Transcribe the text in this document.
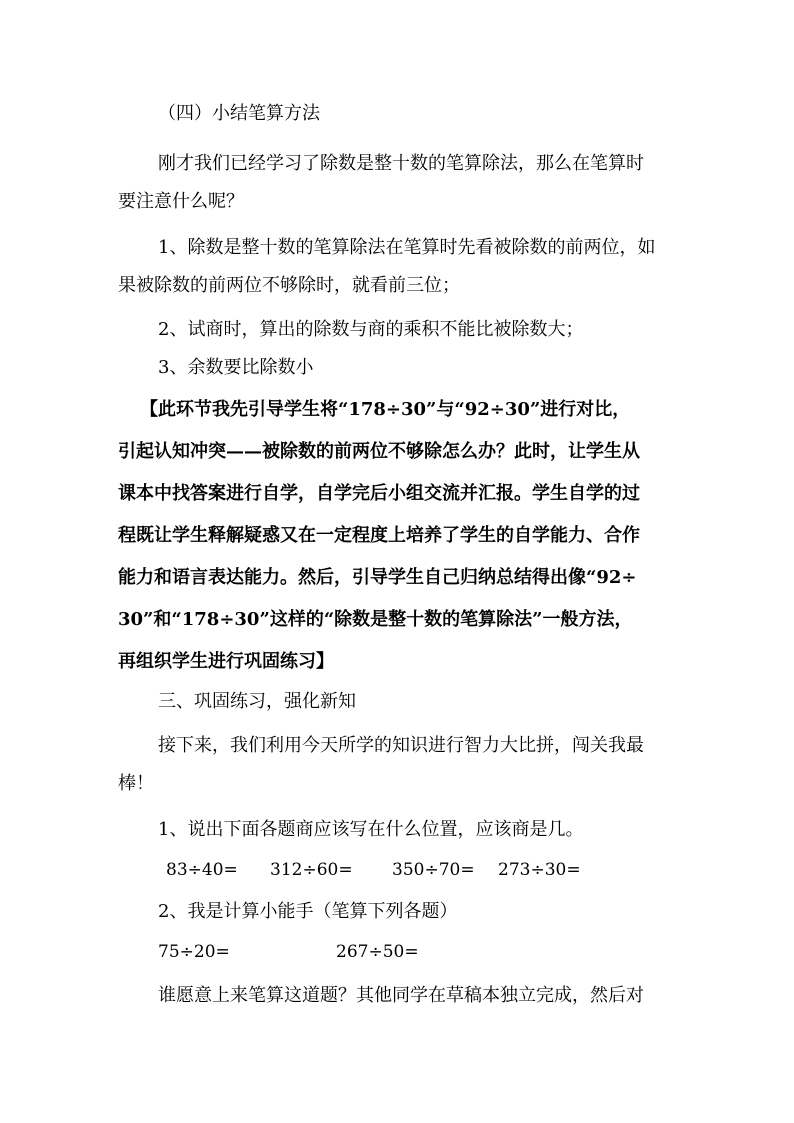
（四）小结笔算方法
刚才我们已经学习了除数是整十数的笔算除法，那么在笔算时
要注意什么呢？
1、除数是整十数的笔算除法在笔算时先看被除数的前两位，如
果被除数的前两位不够除时，就看前三位；
2、试商时，算出的除数与商的乘积不能比被除数大；
3、余数要比除数小
【此环节我先引导学生将“178÷30”与“92÷30”进行对比，
引起认知冲突——被除数的前两位不够除怎么办？此时，让学生从
课本中找答案进行自学，自学完后小组交流并汇报。学生自学的过
程既让学生释解疑惑又在一定程度上培养了学生的自学能力、合作
能力和语言表达能力。然后，引导学生自己归纳总结得出像“92÷
30”和“178÷30”这样的“除数是整十数的笔算除法”一般方法，
再组织学生进行巩固练习】
三、巩固练习，强化新知
接下来，我们利用今天所学的知识进行智力大比拼，闯关我最
棒！
1、说出下面各题商应该写在什么位置，应该商是几。
83÷40= 312÷60= 350÷70= 273÷30=
2、我是计算小能手（笔算下列各题）
75÷20=	267÷50=
谁愿意上来笔算这道题？其他同学在草稿本独立完成，然后对
